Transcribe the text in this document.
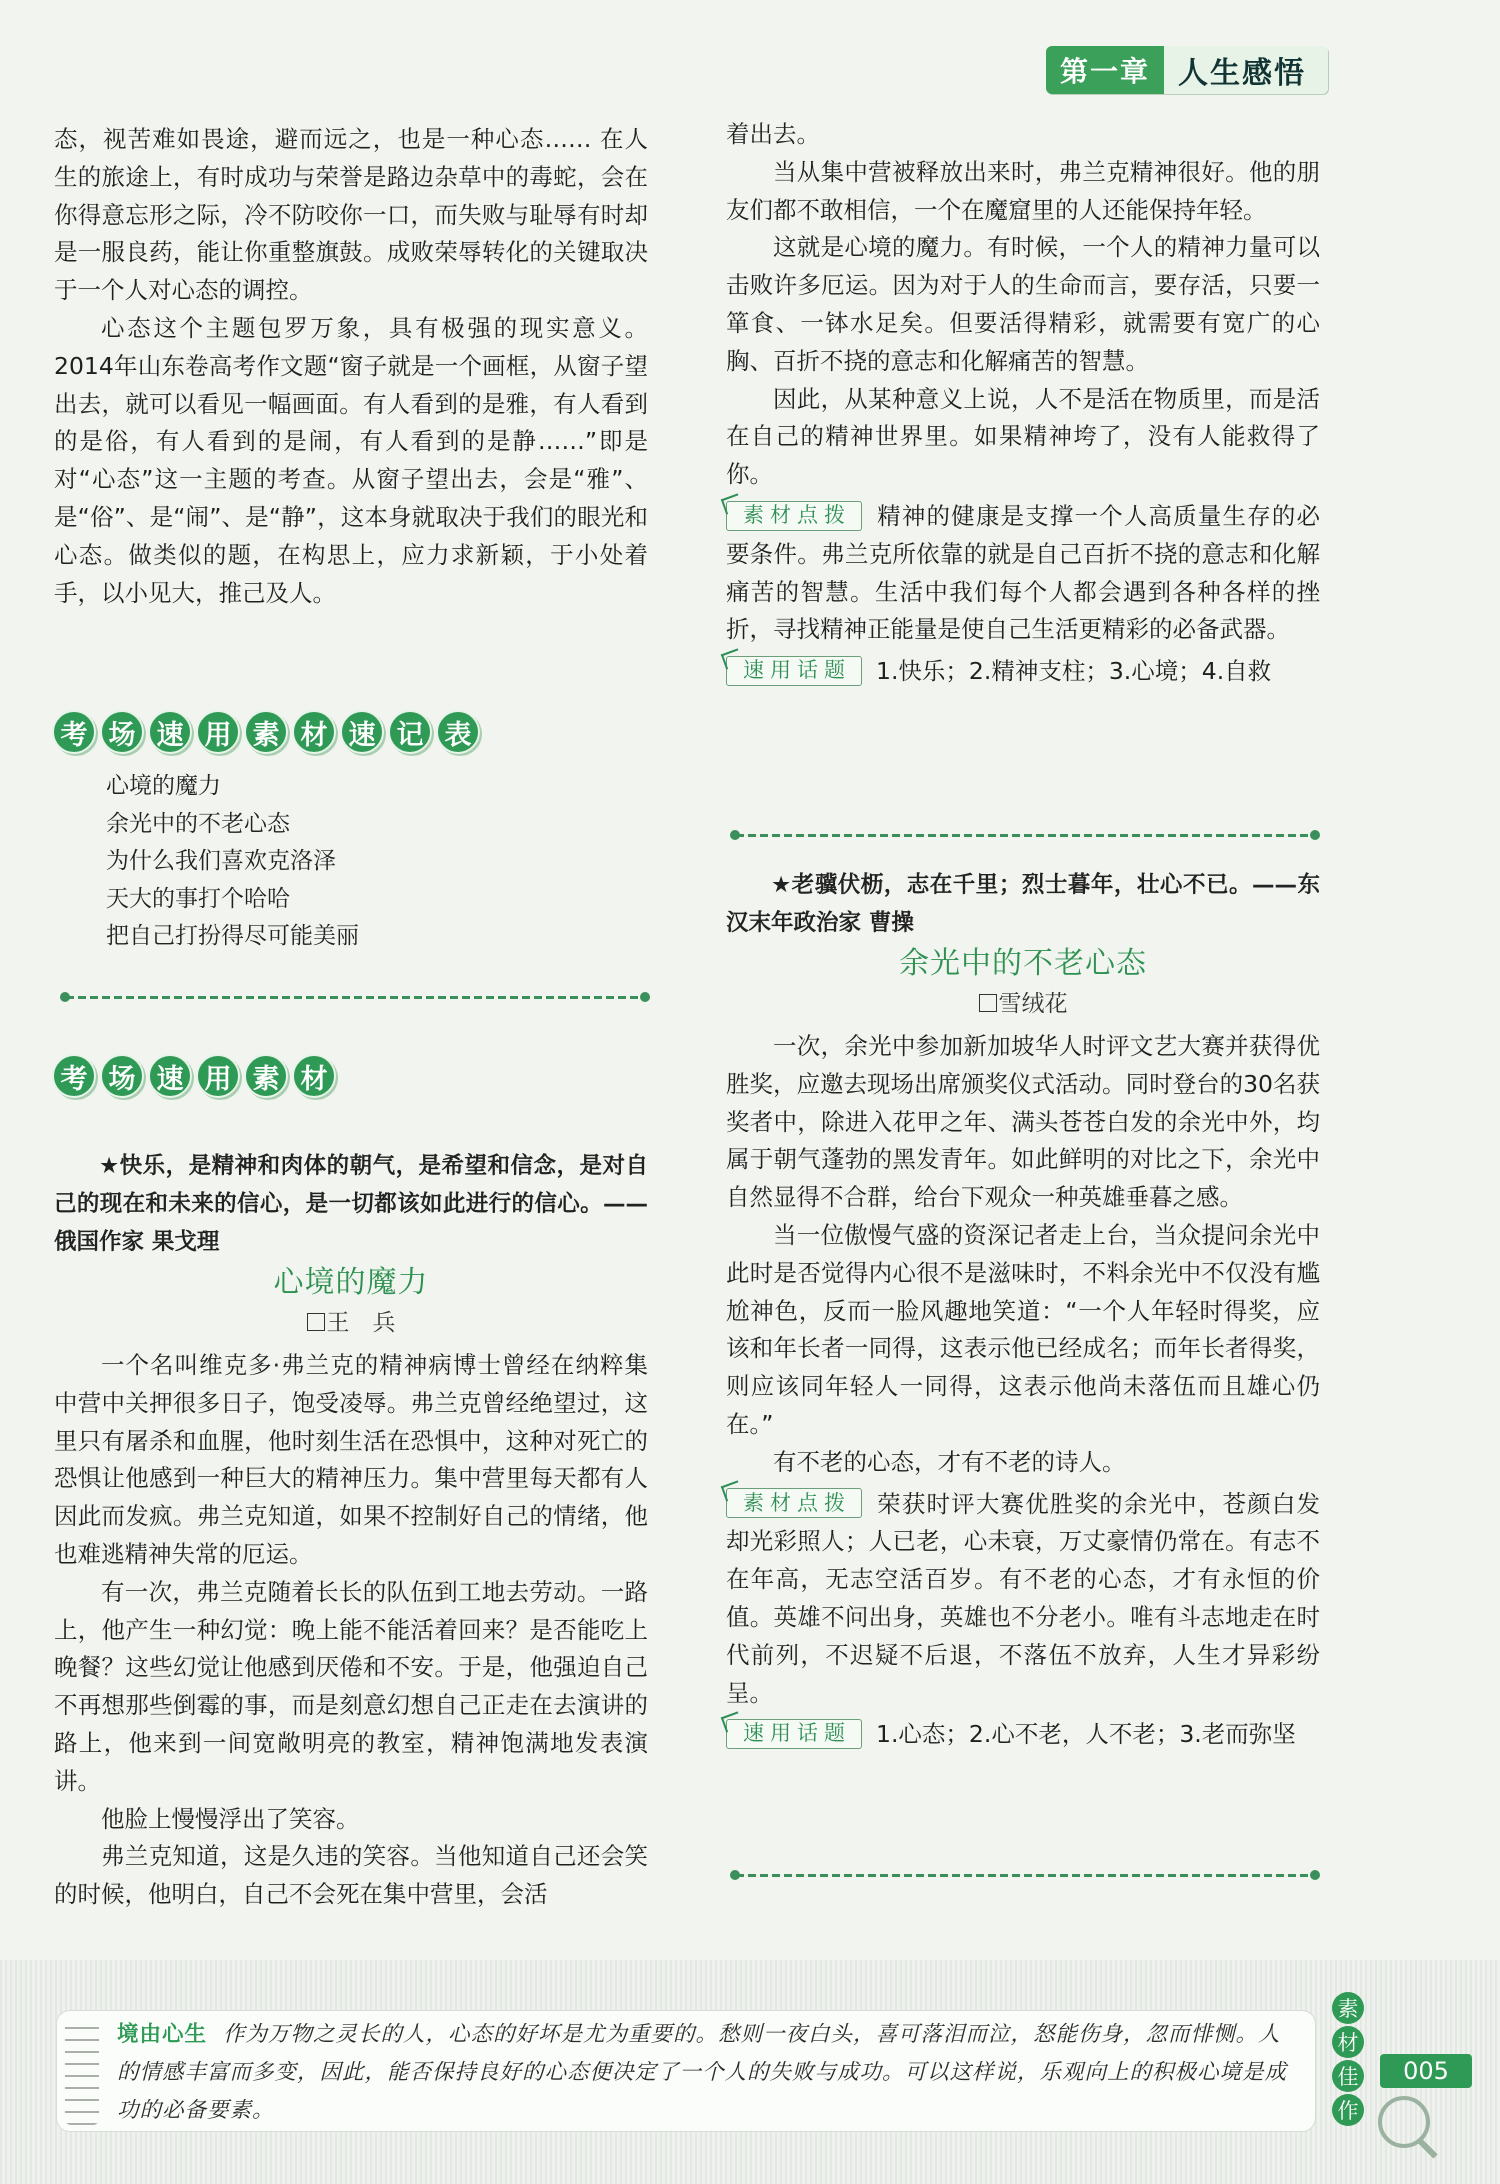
第一章 人生感悟

态，视苦难如畏途，避而远之，也是一种心态…… 在人生的旅途上，有时成功与荣誉是路边杂草中的毒蛇，会在你得意忘形之际，冷不防咬你一口，而失败与耻辱有时却是一服良药，能让你重整旗鼓。成败荣辱转化的关键取决于一个人对心态的调控。

心态这个主题包罗万象，具有极强的现实意义。2014年山东卷高考作文题“窗子就是一个画框，从窗子望出去，就可以看见一幅画面。有人看到的是雅，有人看到的是俗，有人看到的是闹，有人看到的是静……”即是对“心态”这一主题的考查。从窗子望出去，会是“雅”、是“俗”、是“闹”、是“静”，这本身就取决于我们的眼光和心态。做类似的题，在构思上，应力求新颖，于小处着手，以小见大，推己及人。

考 场 速 用 素 材 速 记 表
心境的魔力
余光中的不老心态
为什么我们喜欢克洛泽
天大的事打个哈哈
把自己打扮得尽可能美丽
考 场 速 用 素 材

★快乐，是精神和肉体的朝气，是希望和信念，是对自己的现在和未来的信心，是一切都该如此进行的信心。——俄国作家 果戈理

心境的魔力
王　兵

一个名叫维克多·弗兰克的精神病博士曾经在纳粹集中营中关押很多日子，饱受凌辱。弗兰克曾经绝望过，这里只有屠杀和血腥，他时刻生活在恐惧中，这种对死亡的恐惧让他感到一种巨大的精神压力。集中营里每天都有人因此而发疯。弗兰克知道，如果不控制好自己的情绪，他也难逃精神失常的厄运。

有一次，弗兰克随着长长的队伍到工地去劳动。一路上，他产生一种幻觉：晚上能不能活着回来？是否能吃上晚餐？这些幻觉让他感到厌倦和不安。于是，他强迫自己不再想那些倒霉的事，而是刻意幻想自己正走在去演讲的路上，他来到一间宽敞明亮的教室，精神饱满地发表演讲。

他脸上慢慢浮出了笑容。

弗兰克知道，这是久违的笑容。当他知道自己还会笑的时候，他明白，自己不会死在集中营里，会活

着出去。

当从集中营被释放出来时，弗兰克精神很好。他的朋友们都不敢相信，一个在魔窟里的人还能保持年轻。

这就是心境的魔力。有时候，一个人的精神力量可以击败许多厄运。因为对于人的生命而言，要存活，只要一箪食、一钵水足矣。但要活得精彩，就需要有宽广的心胸、百折不挠的意志和化解痛苦的智慧。

因此，从某种意义上说，人不是活在物质里，而是活在自己的精神世界里。如果精神垮了，没有人能救得了你。

素材点拨 精神的健康是支撑一个人高质量生存的必要条件。弗兰克所依靠的就是自己百折不挠的意志和化解痛苦的智慧。生活中我们每个人都会遇到各种各样的挫折，寻找精神正能量是使自己生活更精彩的必备武器。

速用话题 1.快乐；2.精神支柱；3.心境；4.自救

★老骥伏枥，志在千里；烈士暮年，壮心不已。——东汉末年政治家 曹操

余光中的不老心态
雪绒花

一次，余光中参加新加坡华人时评文艺大赛并获得优胜奖，应邀去现场出席颁奖仪式活动。同时登台的30名获奖者中，除进入花甲之年、满头苍苍白发的余光中外，均属于朝气蓬勃的黑发青年。如此鲜明的对比之下，余光中自然显得不合群，给台下观众一种英雄垂暮之感。

当一位傲慢气盛的资深记者走上台，当众提问余光中此时是否觉得内心很不是滋味时，不料余光中不仅没有尴尬神色，反而一脸风趣地笑道：“一个人年轻时得奖，应该和年长者一同得，这表示他已经成名；而年长者得奖，则应该同年轻人一同得，这表示他尚未落伍而且雄心仍在。”

有不老的心态，才有不老的诗人。

素材点拨 荣获时评大赛优胜奖的余光中，苍颜白发却光彩照人；人已老，心未衰，万丈豪情仍常在。有志不在年高，无志空活百岁。有不老的心态，才有永恒的价值。英雄不问出身，英雄也不分老小。唯有斗志地走在时代前列，不迟疑不后退，不落伍不放弃，人生才异彩纷呈。

速用话题 1.心态；2.心不老，人不老；3.老而弥坚

境由心生 作为万物之灵长的人，心态的好坏是尤为重要的。愁则一夜白头，喜可落泪而泣，怒能伤身，忽而悱恻。人的情感丰富而多变，因此，能否保持良好的心态便决定了一个人的失败与成功。可以这样说，乐观向上的积极心境是成功的必备要素。
素
材
佳
作
005
